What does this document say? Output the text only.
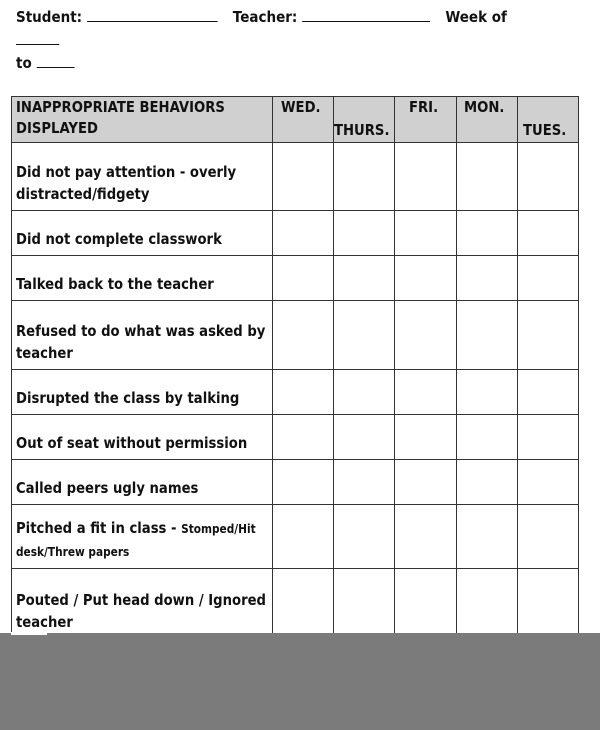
Student:	Teacher:	Week of
to
INAPPROPRIATE BEHAVIORS DISPLAYED	WED.	THURS.	FRI.	MON.	TUES.
Did not pay attention - overly distracted/fidgety					
Did not complete classwork					
Talked back to the teacher					
Refused to do what was asked by teacher					
Disrupted the class by talking					
Out of seat without permission					
Called peers ugly names					
Pitched a fit in class - Stomped/Hit desk/Threw papers					
Pouted / Put head down / Ignored teacher					
